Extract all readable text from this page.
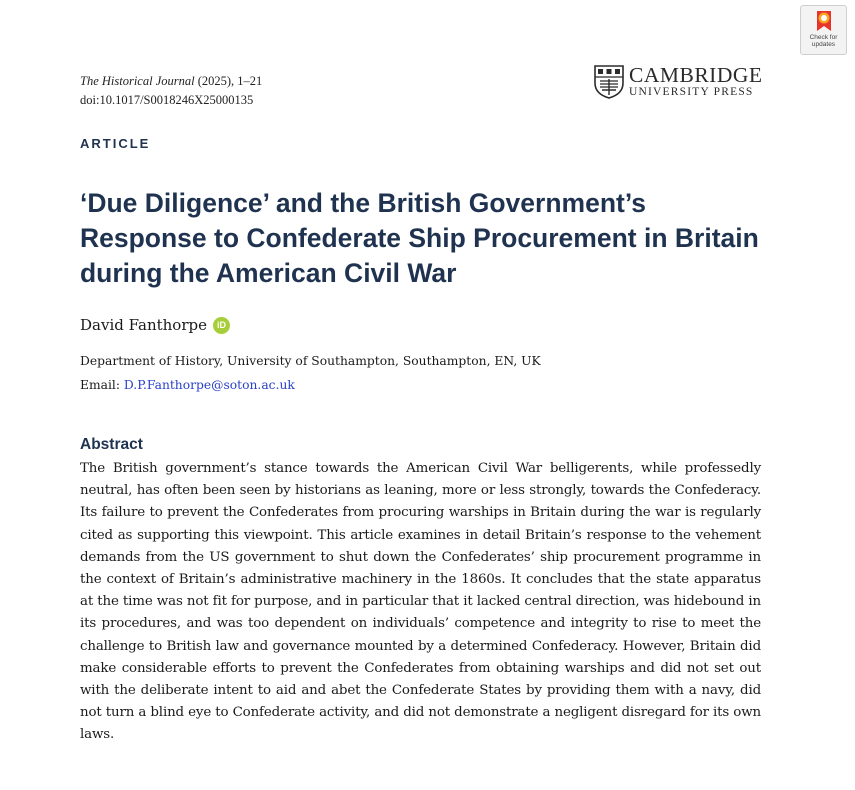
Check for
updates
The Historical Journal (2025), 1–21
doi:10.1017/S0018246X25000135
CAMBRIDGE
UNIVERSITY PRESS
ARTICLE
‘Due Diligence’ and the British Government’s Response to Confederate Ship Procurement in Britain during the American Civil War
David Fanthorpe	iD
Department of History, University of Southampton, Southampton, EN, UK
Email: D.P.Fanthorpe@soton.ac.uk
Abstract

The British government’s stance towards the American Civil War belligerents, while professedly neutral, has often been seen by historians as leaning, more or less strongly, towards the Confederacy. Its failure to prevent the Confederates from procuring warships in Britain during the war is regularly cited as supporting this viewpoint. This article examines in detail Britain’s response to the vehement demands from the US government to shut down the Confederates’ ship procurement programme in the context of Britain’s administrative machinery in the 1860s. It concludes that the state apparatus at the time was not fit for purpose, and in particular that it lacked central direction, was hidebound in its procedures, and was too dependent on individuals’ competence and integrity to rise to meet the challenge to British law and governance mounted by a determined Confederacy. However, Britain did make considerable efforts to prevent the Confederates from obtaining warships and did not set out with the deliberate intent to aid and abet the Confederate States by providing them with a navy, did not turn a blind eye to Confederate activity, and did not demonstrate a negligent disregard for its own laws.
